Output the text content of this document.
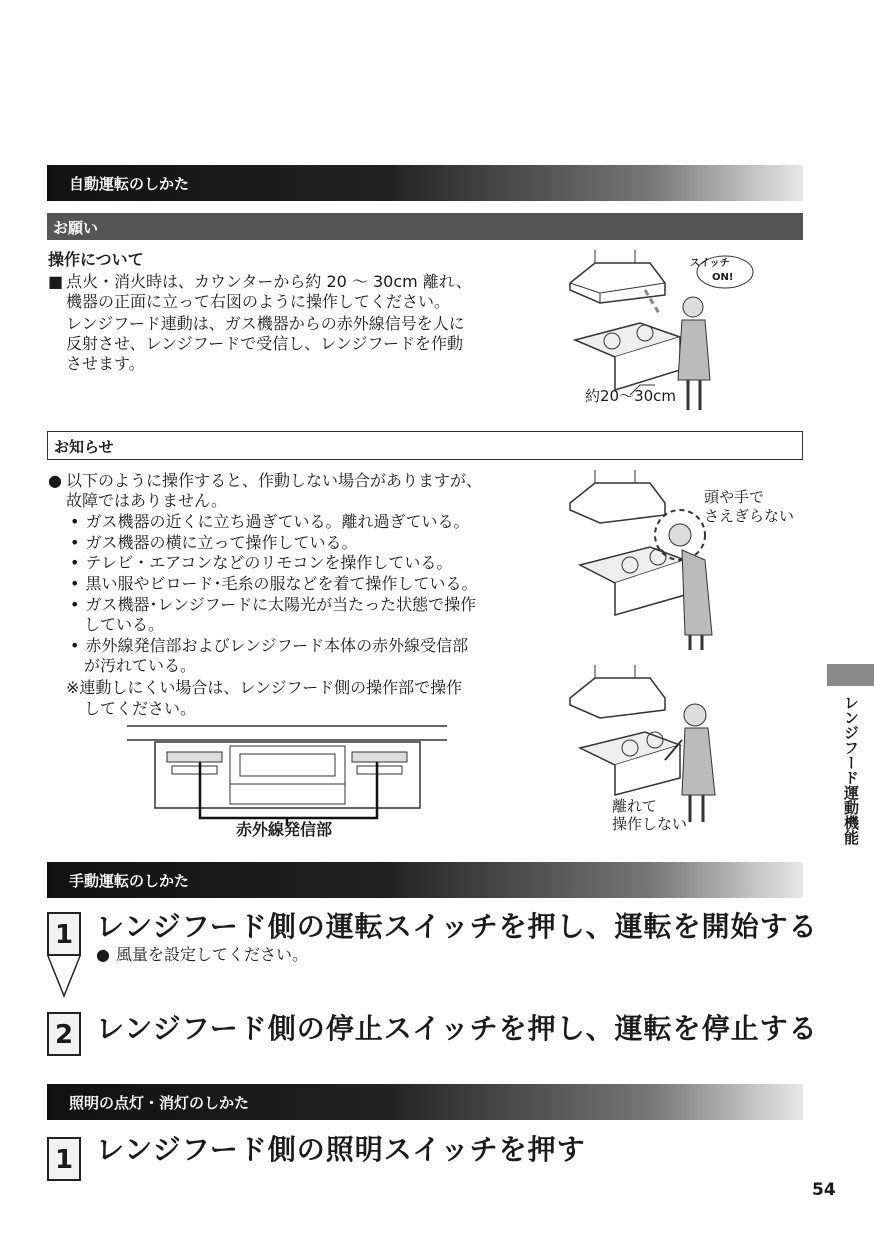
自動運転のしかた
お願い
操作について
■ 点火・消火時は、カウンターから約 20 ～ 30cm 離れ、
機器の正面に立って右図のように操作してください。
レンジフード連動は、ガス機器からの赤外線信号を人に
反射させ、レンジフードで受信し、レンジフードを作動
させます。
スイッチ
ON!
約20～30cm
お知らせ
● 以下のように操作すると、作動しない場合がありますが、
故障ではありません。
• ガス機器の近くに立ち過ぎている。離れ過ぎている。
• ガス機器の横に立って操作している。
• テレビ・エアコンなどのリモコンを操作している。
• 黒い服やビロード･毛糸の服などを着て操作している。
• ガス機器･レンジフードに太陽光が当たった状態で操作
している。
• 赤外線発信部およびレンジフード本体の赤外線受信部
が汚れている。
※連動しにくい場合は、レンジフード側の操作部で操作
してください。
赤外線発信部
頭や手で
さえぎらない
離れて
操作しない	レンジフード運動機能
手動運転のしかた
1 レンジフード側の運転スイッチを押し、運転を開始する
● 風量を設定してください。
2 レンジフード側の停止スイッチを押し、運転を停止する
照明の点灯・消灯のしかた
1 レンジフード側の照明スイッチを押す
54
